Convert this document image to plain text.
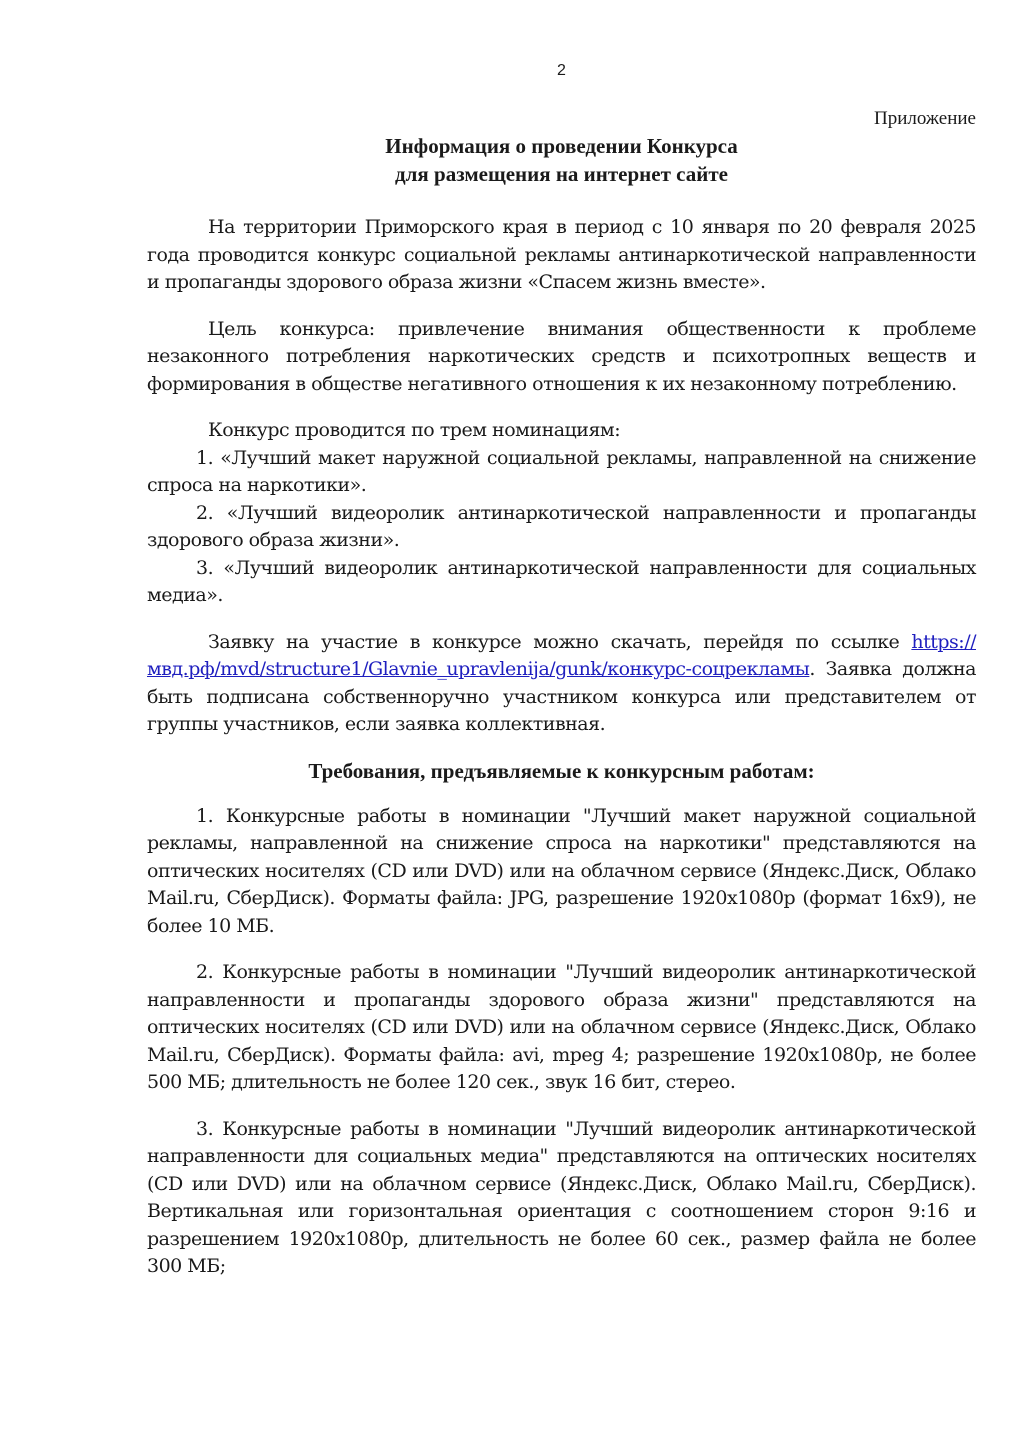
2
Приложение
Информация о проведении Конкурса
для размещения на интернет сайте

На территории Приморского края в период с 10 января по 20 февраля 2025 года проводится конкурс социальной рекламы антинаркотической направленности и пропаганды здорового образа жизни «Спасем жизнь вместе».

Цель конкурса: привлечение внимания общественности к проблеме незаконного потребления наркотических средств и психотропных веществ и формирования в обществе негативного отношения к их незаконному потреблению.

Конкурс проводится по трем номинациям:

1. «Лучший макет наружной социальной рекламы, направленной на снижение спроса на наркотики».

2. «Лучший видеоролик антинаркотической направленности и пропаганды здорового образа жизни».

3. «Лучший видеоролик антинаркотической направленности для социальных медиа».

Заявку на участие в конкурсе можно скачать, перейдя по ссылке https://мвд.рф/mvd/structure1/Glavnie_upravlenija/gunk/конкурс-соцрекламы. Заявка должна быть подписана собственноручно участником конкурса или представителем от группы участников, если заявка коллективная.

Требования, предъявляемые к конкурсным работам:

1. Конкурсные работы в номинации "Лучший макет наружной социальной рекламы, направленной на снижение спроса на наркотики" представляются на оптических носителях (CD или DVD) или на облачном сервисе (Яндекс.Диск, Облако Mail.ru, СберДиск). Форматы файла: JPG, разрешение 1920x1080р (формат 16х9), не более 10 МБ.

2. Конкурсные работы в номинации "Лучший видеоролик антинаркотической направленности и пропаганды здорового образа жизни" представляются на оптических носителях (CD или DVD) или на облачном сервисе (Яндекс.Диск, Облако Mail.ru, СберДиск). Форматы файла: avi, mpeg 4; разрешение 1920x1080р, не более 500 МБ; длительность не более 120 сек., звук 16 бит, стерео.

3. Конкурсные работы в номинации "Лучший видеоролик антинаркотической направленности для социальных медиа" представляются на оптических носителях (CD или DVD) или на облачном сервисе (Яндекс.Диск, Облако Mail.ru, СберДиск). Вертикальная или горизонтальная ориентация с соотношением сторон 9:16 и разрешением 1920x1080р, длительность не более 60 сек., размер файла не более 300 МБ;
